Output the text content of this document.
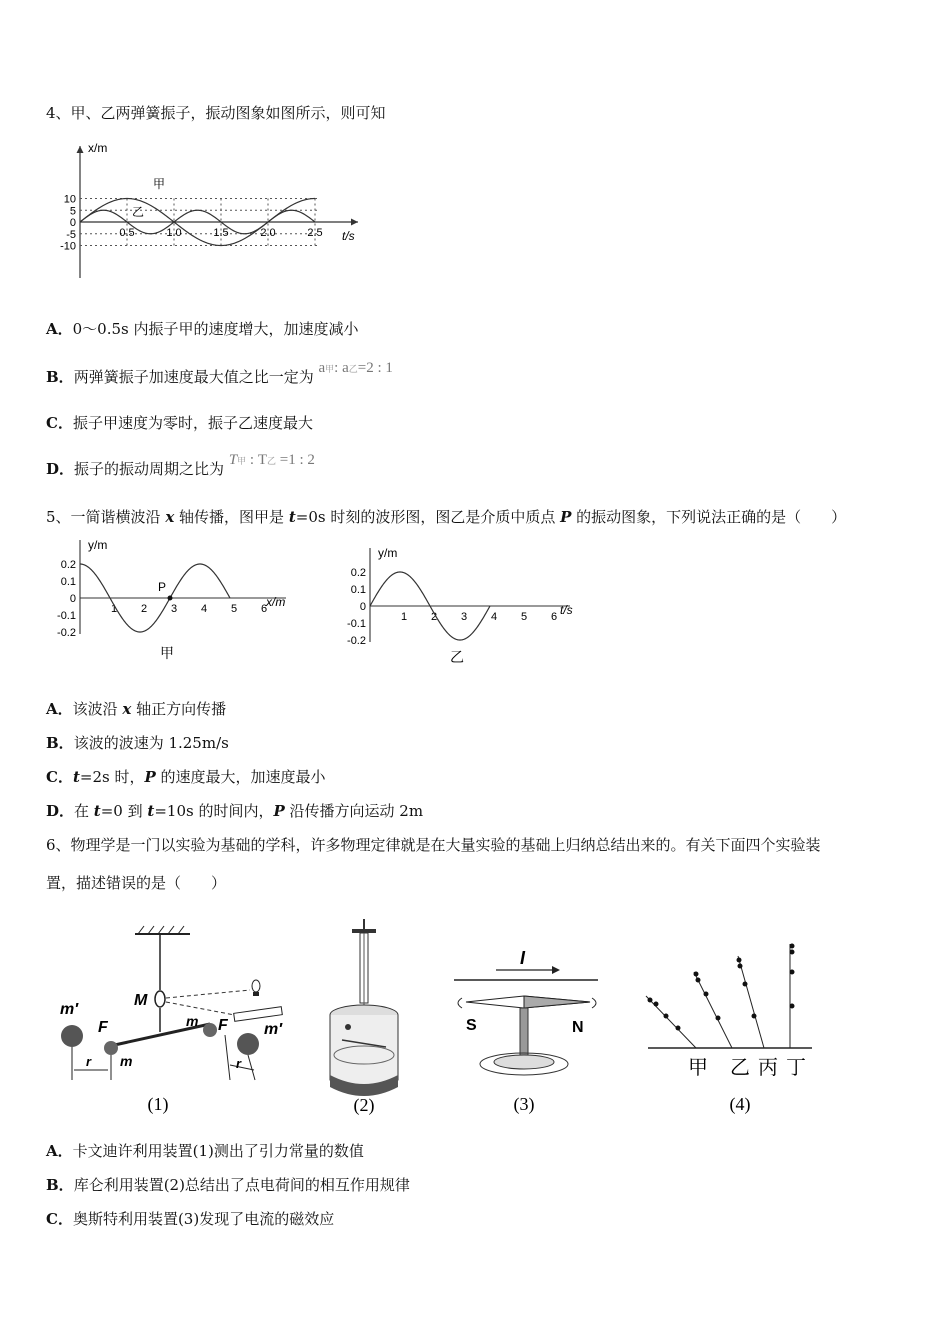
4、甲、乙两弹簧振子，振动图象如图所示，则可知
x/m
t/s
10
5
0
-5
-10
0.5	1.0	1.5	2.0	2.5
甲
乙
A．0～0.5s 内振子甲的速度增大，加速度减小
B．两弹簧振子加速度最大值之比一定为 a甲: a乙=2 : 1
C．振子甲速度为零时，振子乙速度最大
D．振子的振动周期之比为 T甲 : T乙 =1 : 2
5、一简谐横波沿 x 轴传播，图甲是 t=0s 时刻的波形图，图乙是介质中质点 P 的振动图象，下列说法正确的是（　　）
y/m
x/m
0.2
0.1
0
-0.1
-0.2
1 2 3 4 5 6
P
甲
y/m
t/s
0.2
0.1
0
-0.1
-0.2
1 2 3 4 5 6
乙
A．该波沿 x 轴正方向传播
B．该波的波速为 1.25m/s
C．t=2s 时，P 的速度最大，加速度最小
D．在 t=0 到 t=10s 的时间内，P 沿传播方向运动 2m
6、物理学是一门以实验为基础的学科，许多物理定律就是在大量实验的基础上归纳总结出来的。有关下面四个实验装
置，描述错误的是（　　）
m′
M
F
m
m F m′
r	r
(1)	(2)
I
S	N
(3)
甲 乙 丙 丁
(4)
A．卡文迪许利用装置(1)测出了引力常量的数值
B．库仑利用装置(2)总结出了点电荷间的相互作用规律
C．奥斯特利用装置(3)发现了电流的磁效应
